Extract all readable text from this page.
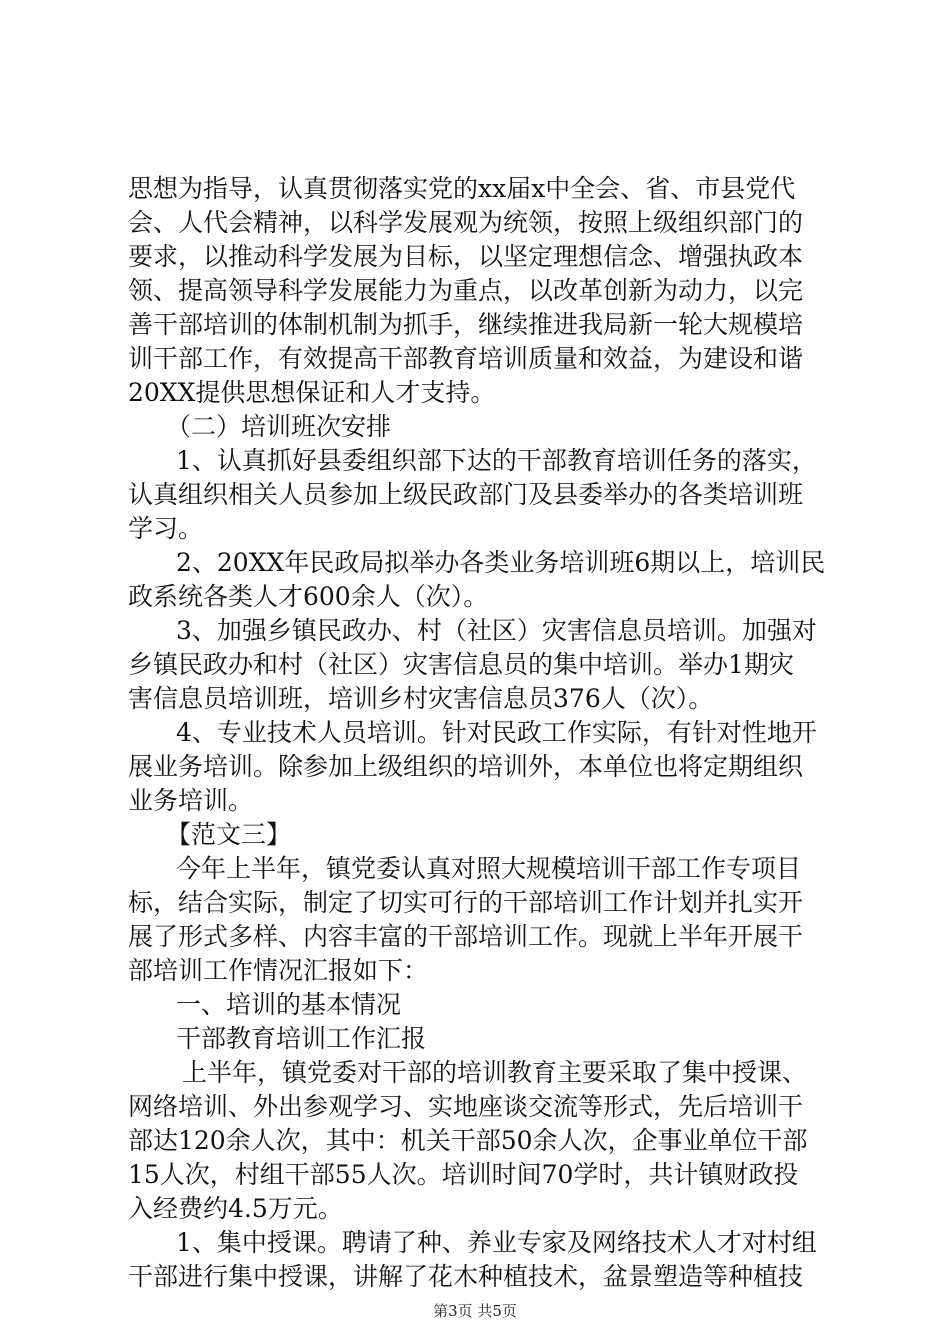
思想为指导，认真贯彻落实党的xx届x中全会、省、市县党代
会、人代会精神，以科学发展观为统领，按照上级组织部门的
要求，以推动科学发展为目标，以坚定理想信念、增强执政本
领、提高领导科学发展能力为重点，以改革创新为动力，以完
善干部培训的体制机制为抓手，继续推进我局新一轮大规模培
训干部工作，有效提高干部教育培训质量和效益，为建设和谐
20XX提供思想保证和人才支持。
（二）培训班次安排
1、认真抓好县委组织部下达的干部教育培训任务的落实，
认真组织相关人员参加上级民政部门及县委举办的各类培训班
学习。
2、20XX年民政局拟举办各类业务培训班6期以上，培训民
政系统各类人才600余人（次）。
3、加强乡镇民政办、村（社区）灾害信息员培训。加强对
乡镇民政办和村（社区）灾害信息员的集中培训。举办1期灾
害信息员培训班，培训乡村灾害信息员376人（次）。
4、专业技术人员培训。针对民政工作实际，有针对性地开
展业务培训。除参加上级组织的培训外，本单位也将定期组织
业务培训。
【范文三】
今年上半年，镇党委认真对照大规模培训干部工作专项目
标，结合实际，制定了切实可行的干部培训工作计划并扎实开
展了形式多样、内容丰富的干部培训工作。现就上半年开展干
部培训工作情况汇报如下：
一、培训的基本情况
干部教育培训工作汇报
上半年，镇党委对干部的培训教育主要采取了集中授课、
网络培训、外出参观学习、实地座谈交流等形式，先后培训干
部达120余人次，其中：机关干部50余人次，企事业单位干部
15人次，村组干部55人次。培训时间70学时，共计镇财政投
入经费约4.5万元。
1、集中授课。聘请了种、养业专家及网络技术人才对村组
干部进行集中授课，讲解了花木种植技术，盆景塑造等种植技
第3页 共5页
